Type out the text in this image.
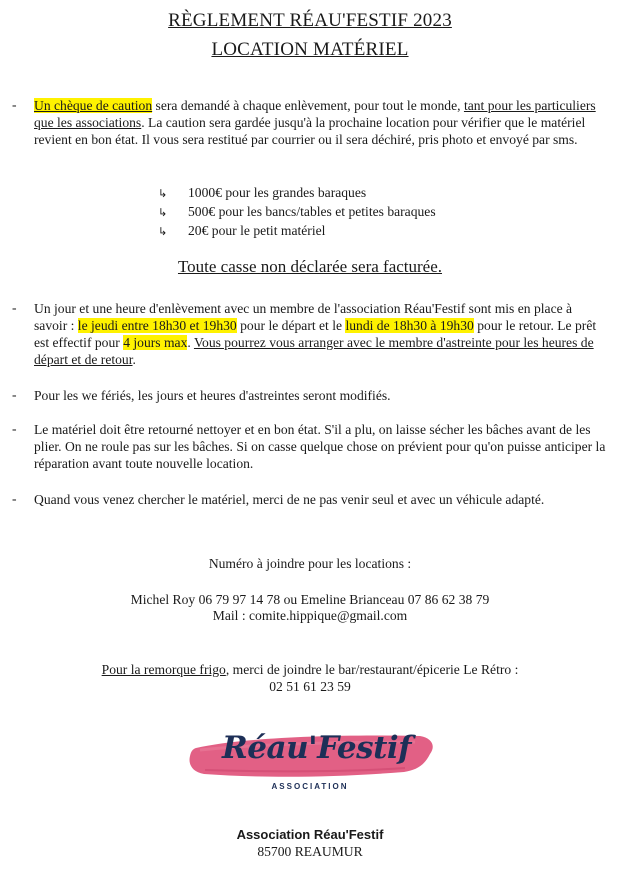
RÈGLEMENT RÉAU'FESTIF 2023
LOCATION MATÉRIEL
- Un chèque de caution sera demandé à chaque enlèvement, pour tout le monde, tant pour les particuliers que les associations. La caution sera gardée jusqu'à la prochaine location pour vérifier que le matériel revient en bon état. Il vous sera restitué par courrier ou il sera déchiré, pris photo et envoyé par sms.
↳ 1000€ pour les grandes baraques
↳ 500€ pour les bancs/tables et petites baraques
↳ 20€ pour le petit matériel
Toute casse non déclarée sera facturée.
- Un jour et une heure d'enlèvement avec un membre de l'association Réau'Festif sont mis en place à savoir : le jeudi entre 18h30 et 19h30 pour le départ et le lundi de 18h30 à 19h30 pour le retour. Le prêt est effectif pour 4 jours max. Vous pourrez vous arranger avec le membre d'astreinte pour les heures de départ et de retour.
- Pour les we fériés, les jours et heures d'astreintes seront modifiés.
- Le matériel doit être retourné nettoyer et en bon état. S'il a plu, on laisse sécher les bâches avant de les plier. On ne roule pas sur les bâches. Si on casse quelque chose on prévient pour qu'on puisse anticiper la réparation avant toute nouvelle location.
- Quand vous venez chercher le matériel, merci de ne pas venir seul et avec un véhicule adapté.
Numéro à joindre pour les locations :
Michel Roy 06 79 97 14 78 ou Emeline Brianceau 07 86 62 38 79
Mail : comite.hippique@gmail.com
Pour la remorque frigo, merci de joindre le bar/restaurant/épicerie Le Rétro :
02 51 61 23 59
Réau'Festif
ASSOCIATION
Association Réau'Festif
85700 REAUMUR
